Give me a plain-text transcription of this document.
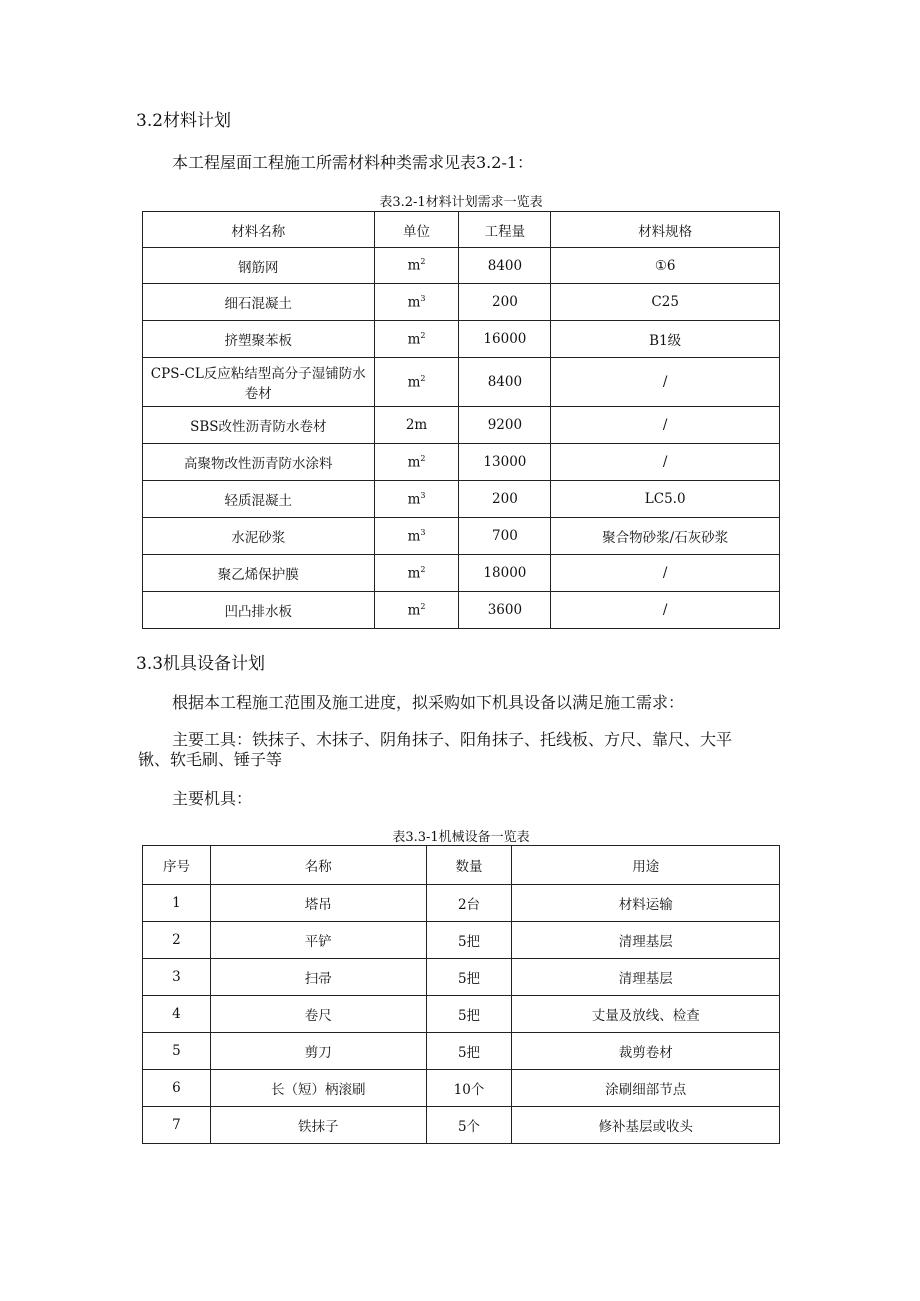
3.2材料计划
本工程屋面工程施工所需材料种类需求见表3.2-1：
表3.2-1材料计划需求一览表
材料名称	单位	工程量	材料规格
钢筋网	$m^2$	8400	①6
细石混凝土	$m^3$	200	C25
挤塑聚苯板	$m^2$	16000	B1级
CPS-CL反应粘结型高分子湿铺防水卷材	$m^2$	8400	/
SBS改性沥青防水卷材	2m	9200	/
高聚物改性沥青防水涂料	$m^2$	13000	/
轻质混凝土	$m^3$	200	LC5.0
水泥砂浆	$m^3$	700	聚合物砂浆/石灰砂浆
聚乙烯保护膜	$m^2$	18000	/
凹凸排水板	$m^2$	3600	/
3.3机具设备计划
根据本工程施工范围及施工进度，拟采购如下机具设备以满足施工需求：
主要工具：铁抹子、木抹子、阴角抹子、阳角抹子、托线板、方尺、靠尺、大平
锹、软毛刷、锤子等
主要机具：
表3.3-1机械设备一览表
序号	名称	数量	用途
1	塔吊	2台	材料运输
2	平铲	5把	清理基层
3	扫帚	5把	清理基层
4	卷尺	5把	丈量及放线、检查
5	剪刀	5把	裁剪卷材
6	长（短）柄滚刷	10个	涂刷细部节点
7	铁抹子	5个	修补基层或收头
